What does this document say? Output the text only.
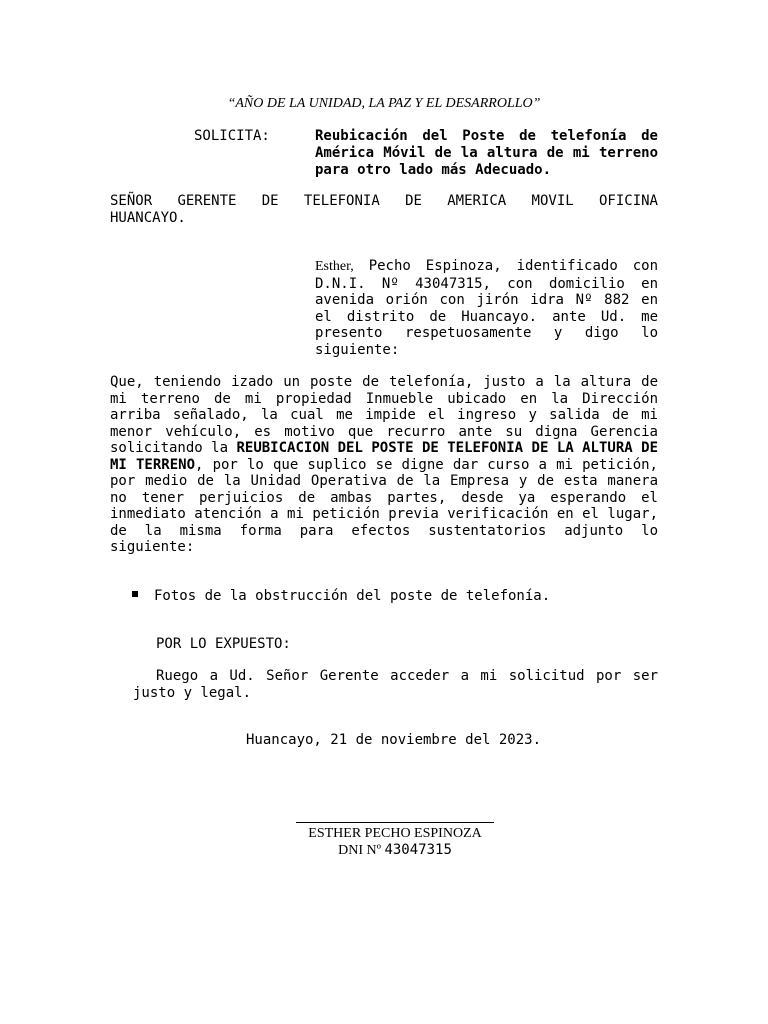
“AÑO DE LA UNIDAD, LA PAZ Y EL DESARROLLO”
SOLICITA:	Reubicación del Poste de telefonía de América Móvil de la altura de mi terreno para otro lado más Adecuado.
SEÑOR GERENTE DE TELEFONIA DE AMERICA MOVIL OFICINA
HUANCAYO.
Esther, Pecho Espinoza, identificado con D.N.I. Nº 43047315, con domicilio en avenida orión con jirón idra Nº 882 en el distrito de Huancayo. ante Ud. me presento respetuosamente y digo lo siguiente:
Que, teniendo izado un poste de telefonía, justo a la altura de mi terreno de mi propiedad Inmueble ubicado en la Dirección arriba señalado, la cual me impide el ingreso y salida de mi menor vehículo, es motivo que recurro ante su digna Gerencia solicitando la REUBICACION DEL POSTE DE TELEFONIA DE LA ALTURA DE MI TERRENO, por lo que suplico se digne dar curso a mi petición, por medio de la Unidad Operativa de la Empresa y de esta manera no tener perjuicios de ambas partes, desde ya esperando el inmediato atención a mi petición previa verificación en el lugar, de la misma forma para efectos sustentatorios adjunto lo siguiente:
Fotos de la obstrucción del poste de telefonía.
POR LO EXPUESTO:
Ruego a Ud. Señor Gerente acceder a mi solicitud por ser justo y legal.
Huancayo, 21 de noviembre del 2023.
ESTHER PECHO ESPINOZA
DNI Nº 43047315
